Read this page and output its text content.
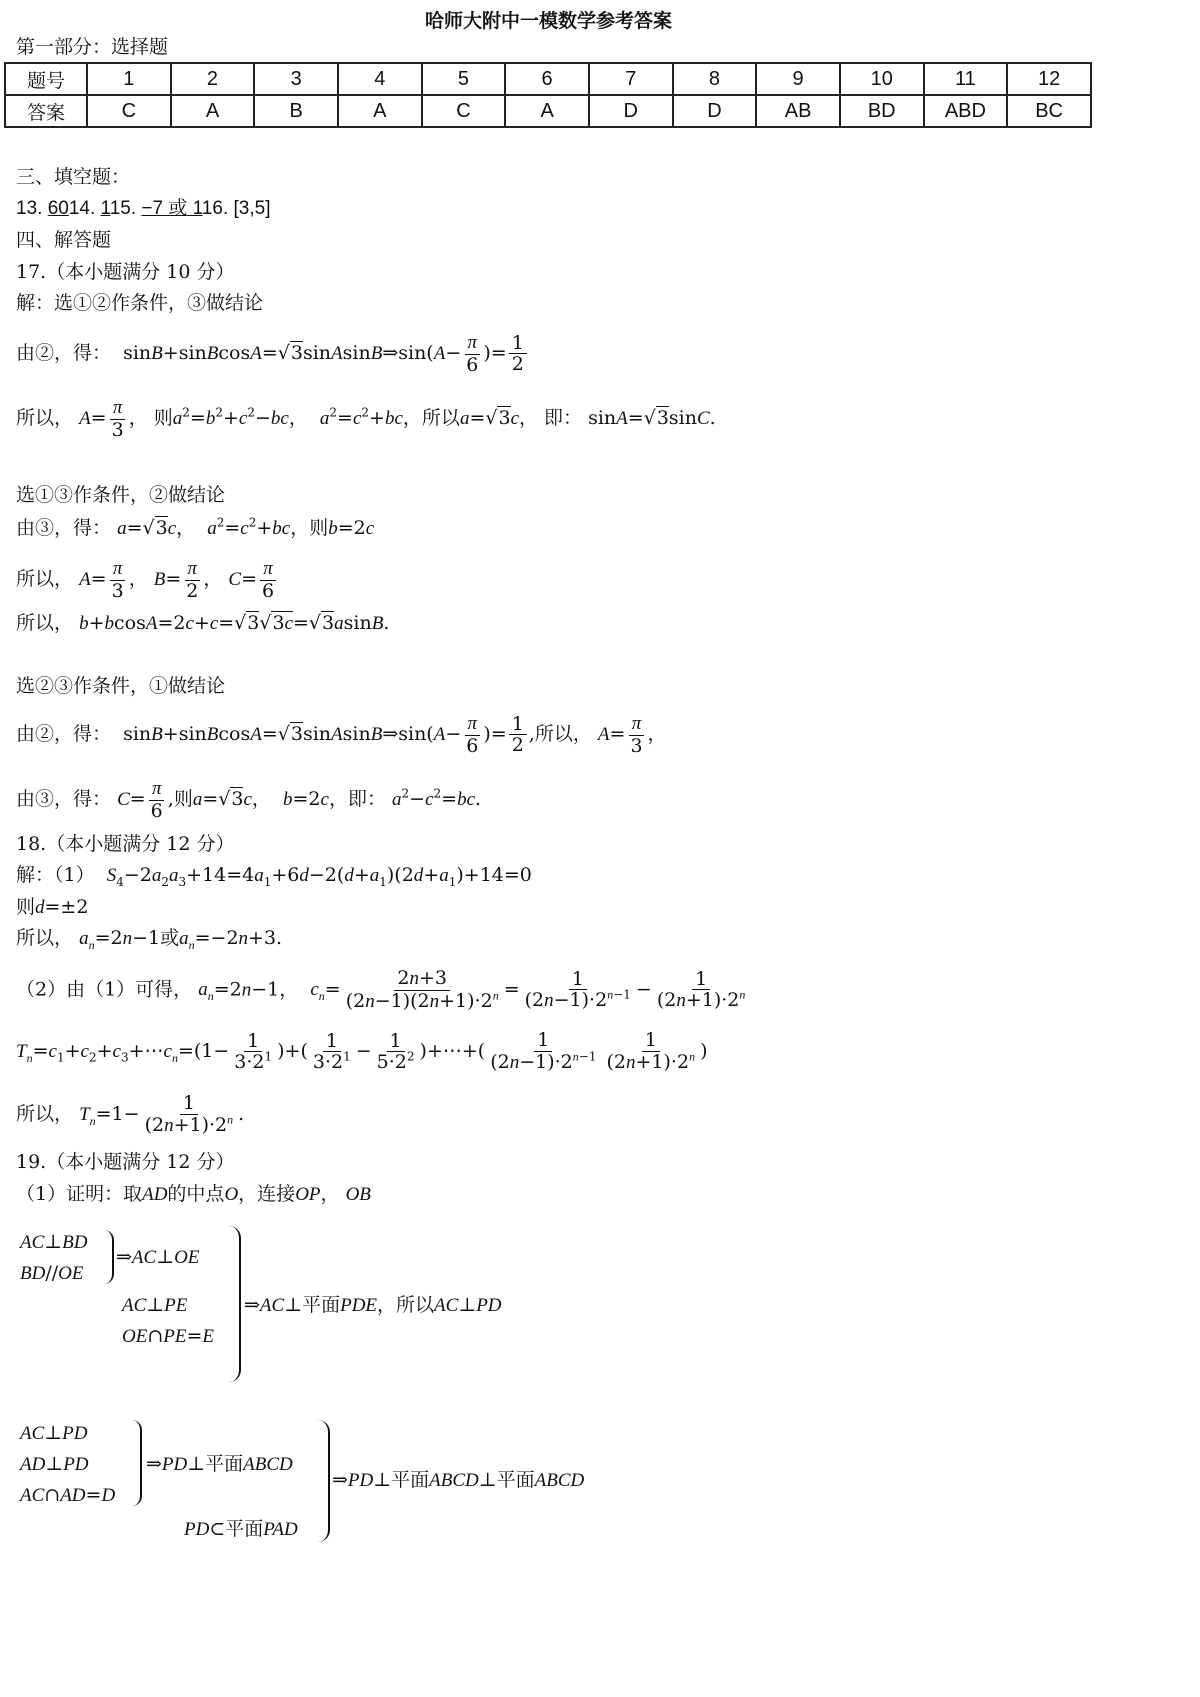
哈师大附中一模数学参考答案
第一部分：选择题
题号	1	2	3	4	5	6	7	8	9	10	11	12
答案	C	A	B	A	C	A	D	D	AB	BD	ABD	BC
三、填空题：
13. 6014. 115. −7 或 116. [3,5]
四、解答题
17.（本小题满分 10 分）
解：选①②作条件，③做结论
由②，得：  sinB+sinBcosA=√3sinAsinB⇒sin(A− $\frac{\pi}{6}$ )= $\frac{1}{2}$
所以， $A= \frac{\pi}{3}$ ， 则$a^2=b^2+c^2-bc$，  $a^2=c^2+bc$，所以a=√3c， 即： sinA=√3sinC.
选①③作条件，②做结论
由③，得： a=√3c，  $a^2=c^2+bc$，则b=2c
所以， $A= \frac{\pi}{3}$ ， $B= \frac{\pi}{2}$ ， $C= \frac{\pi}{6}$
所以， b+bcosA=2c+c=√3√3c=√3asinB.
选②③作条件，①做结论
由②，得：  sinB+sinBcosA=√3sinAsinB⇒sin(A− $\frac{\pi}{6}$ )= $\frac{1}{2}$ ,所以， $A= \frac{\pi}{3}$ ，
由③，得： $C= \frac{\pi}{6}$ ,则a=√3c，  b=2c，即： $a^2-c^2=bc$.
18.（本小题满分 12 分）
解：（1） $S_4-2a_2a_3+14=4a_1+6d-2(d+a_1)(2d+a_1)+14=0$
则d=±2
所以， $a_n=2n-1$或$a_n=-2n+3$.
（2）由（1）可得， $a_n=2n-1$，  $c_n= \frac{2n+3}{(2n-1)(2n+1)\cdot 2^n} = \frac{1}{(2n-1)\cdot 2^{n-1}} - \frac{1}{(2n+1)\cdot 2^n}$
$T_n=c_1+c_2+c_3+\cdots c_n=(1- \frac{1}{3\cdot 2^1}$ )+( $\frac{1}{3\cdot 2^1} - \frac{1}{5\cdot 2^2}$ )+⋯+( $\frac{1}{(2n-1)\cdot 2^{n-1}} \frac{1}{(2n+1)\cdot 2^n}$ )
所以， $T_n=1- \frac{1}{(2n+1)\cdot 2^n}$ .
19.（本小题满分 12 分）
（1）证明：取AD的中点O，连接OP， OB
AC⊥BD
BD//OE
⇒AC⊥OE
AC⊥PE
OE∩PE=E
⇒AC⊥平面PDE，所以AC⊥PD
AC⊥PD
AD⊥PD
AC∩AD=D
⇒PD⊥平面ABCD
PD⊂平面PAD
⇒PD⊥平面ABCD⊥平面ABCD
